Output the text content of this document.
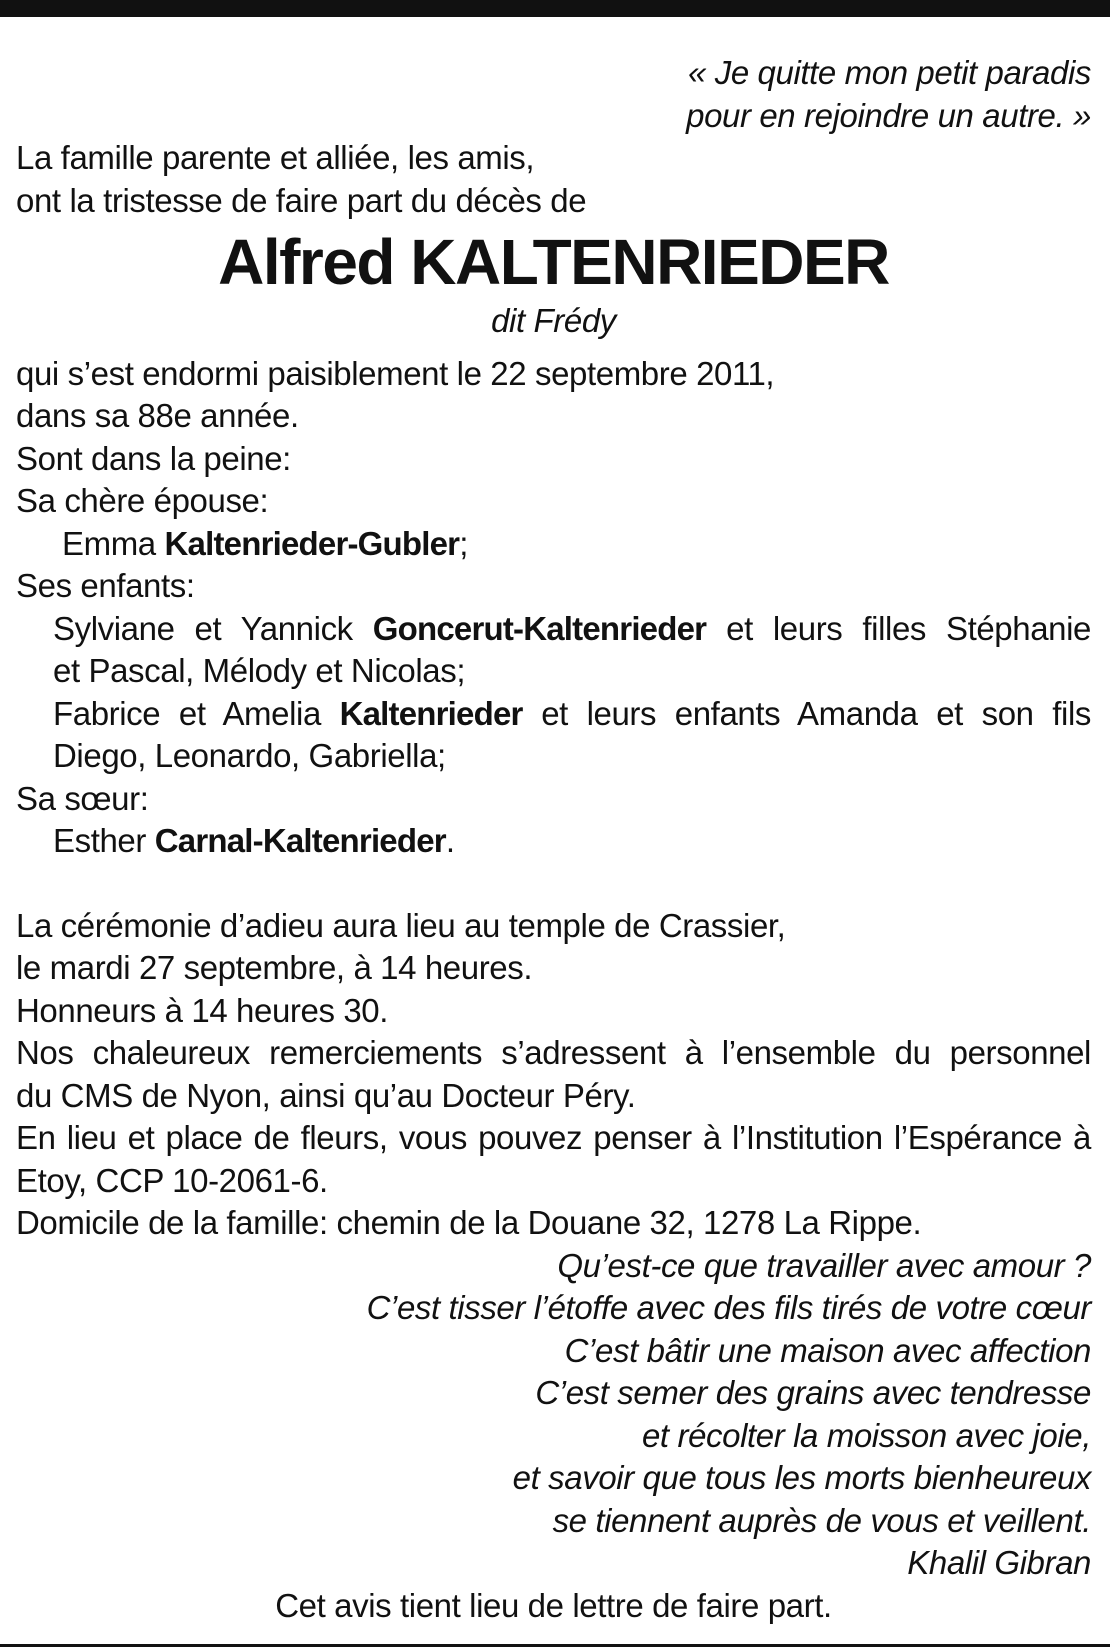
« Je quitte mon petit paradis
pour en rejoindre un autre. »
La famille parente et alliée, les amis,
ont la tristesse de faire part du décès de
Alfred KALTENRIEDER
dit Frédy
qui s’est endormi paisiblement le 22 septembre 2011,
dans sa 88e année.
Sont dans la peine:
Sa chère épouse:
Emma Kaltenrieder-Gubler;
Ses enfants:
Sylviane et Yannick Goncerut-Kaltenrieder et leurs filles Stéphanie
et Pascal, Mélody et Nicolas;
Fabrice et Amelia Kaltenrieder et leurs enfants Amanda et son fils
Diego, Leonardo, Gabriella;
Sa sœur:
Esther Carnal-Kaltenrieder.
La cérémonie d’adieu aura lieu au temple de Crassier,
le mardi 27 septembre, à 14 heures.
Honneurs à 14 heures 30.
Nos chaleureux remerciements s’adressent à l’ensemble du personnel
du CMS de Nyon, ainsi qu’au Docteur Péry.
En lieu et place de fleurs, vous pouvez penser à l’Institution l’Espérance à
Etoy, CCP 10-2061-6.
Domicile de la famille: chemin de la Douane 32, 1278 La Rippe.
Qu’est-ce que travailler avec amour ?
C’est tisser l’étoffe avec des fils tirés de votre cœur
C’est bâtir une maison avec affection
C’est semer des grains avec tendresse
et récolter la moisson avec joie,
et savoir que tous les morts bienheureux
se tiennent auprès de vous et veillent.
Khalil Gibran
Cet avis tient lieu de lettre de faire part.
